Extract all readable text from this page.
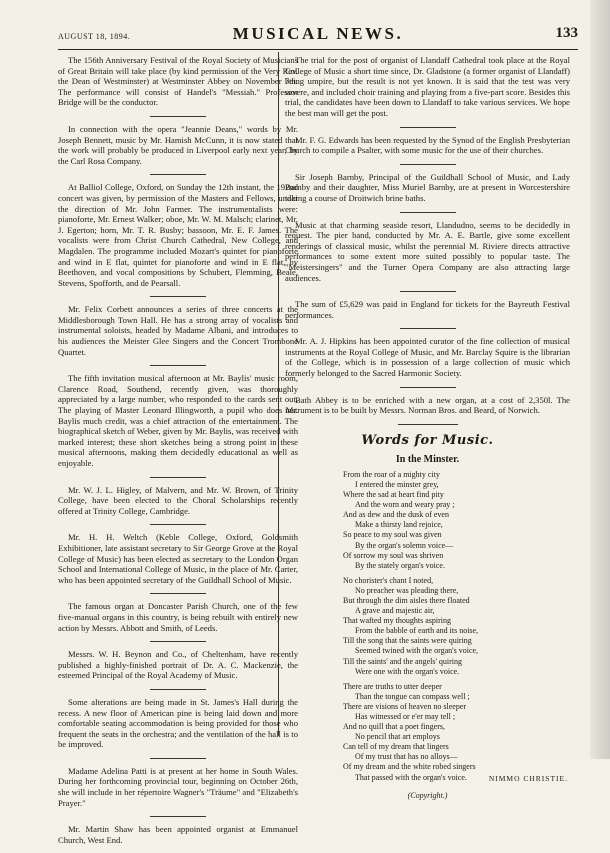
AUGUST 18, 1894.	MUSICAL NEWS.	133

The 156th Anniversary Festival of the Royal Society of Musicians of Great Britain will take place (by kind permission of the Very Rev. the Dean of Westminster) at Westminster Abbey on November 7th. The performance will consist of Handel's "Messiah." Professor Bridge will be the conductor.

In connection with the opera "Jeannie Deans," words by Mr. Joseph Bennett, music by Mr. Hamish McCunn, it is now stated that the work will probably be produced in Liverpool early next year, by the Carl Rosa Company.

At Balliol College, Oxford, on Sunday the 12th instant, the 192nd concert was given, by permission of the Masters and Fellows, under the direction of Mr. John Farmer. The instrumentalists were: pianoforte, Mr. Ernest Walker; oboe, Mr. W. M. Malsch; clarinet, Mr. J. Egerton; horn, Mr. T. R. Busby; bassoon, Mr. E. F. James. The vocalists were from Christ Church Cathedral, New College, and Magdalen. The programme included Mozart's quintet for pianoforte and wind in E flat, quintet for pianoforte and wind in E flat, by Beethoven, and vocal compositions by Schubert, Flemming, Beale, Stevens, Spofforth, and de Pearsall.

Mr. Felix Corbett announces a series of three concerts at the Middlesborough Town Hall. He has a strong array of vocalists and instrumental soloists, headed by Madame Albani, and introduces to his audiences the Meister Glee Singers and the Concert Trombone Quartet.

The fifth invitation musical afternoon at Mr. Baylis' music room, Clarence Road, Southend, recently given, was thoroughly appreciated by a large number, who responded to the cards sent out. The playing of Master Leonard Illingworth, a pupil who does Mr. Baylis much credit, was a chief attraction of the entertainment. The biographical sketch of Weber, given by Mr. Baylis, was received with marked interest; these short sketches being a strong point in these musical afternoons, making them decidedly educational as well as enjoyable.

Mr. W. J. L. Higley, of Malvern, and Mr. W. Brown, of Trinity College, have been elected to the Choral Scholarships recently offered at Trinity College, Cambridge.

Mr. H. H. Weltch (Keble College, Oxford, Goldsmith Exhibitioner, late assistant secretary to Sir George Grove at the Royal College of Music) has been elected as secretary to the London Organ School and International College of Music, in the place of Mr. Carter, who has been appointed secretary of the Guildhall School of Music.

The famous organ at Doncaster Parish Church, one of the few five-manual organs in this country, is being rebuilt with entirely new action by Messrs. Abbott and Smith, of Leeds.

Messrs. W. H. Beynon and Co., of Cheltenham, have recently published a highly-finished portrait of Dr. A. C. Mackenzie, the esteemed Principal of the Royal Academy of Music.

Some alterations are being made in St. James's Hall during the recess. A new floor of American pine is being laid down and more comfortable seating accommodation is being provided for those who frequent the seats in the orchestra; and the ventilation of the hall is to be improved.

Madame Adelina Patti is at present at her home in South Wales. During her forthcoming provincial tour, beginning on October 26th, she will include in her répertoire Wagner's "Träume" and "Elizabeth's Prayer."

Mr. Martin Shaw has been appointed organist at Emmanuel Church, West End.

The trial for the post of organist of Llandaff Cathedral took place at the Royal College of Music a short time since, Dr. Gladstone (a former organist of Llandaff) being umpire, but the result is not yet known. It is said that the test was very severe, and included choir training and playing from a five-part score. Besides this trial, the candidates have been down to Llandaff to take various services. We hope the best man will get the post.

Mr. F. G. Edwards has been requested by the Synod of the English Presbyterian Church to compile a Psalter, with some music for the use of their churches.

Sir Joseph Barnby, Principal of the Guildhall School of Music, and Lady Barnby and their daughter, Miss Muriel Barnby, are at present in Worcestershire taking a course of Droitwich brine baths.

Music at that charming seaside resort, Llandudno, seems to be decidedly in request. The pier band, conducted by Mr. A. E. Bartle, give some excellent renderings of classical music, whilst the perennial M. Riviere directs attractive performances to some extent more suited possibly to popular taste. The "Meistersingers" and the Turner Opera Company are also attracting large audiences.

The sum of £5,629 was paid in England for tickets for the Bayreuth Festival performances.

Mr. A. J. Hipkins has been appointed curator of the fine collection of musical instruments at the Royal College of Music, and Mr. Barclay Squire is the librarian of the College, which is in possession of a large collection of music which formerly belonged to the Sacred Harmonic Society.

Bath Abbey is to be enriched with a new organ, at a cost of 2,350l. The instrument is to be built by Messrs. Norman Bros. and Beard, of Norwich.

Words for Music.
In the Minster.
From the roar of a mighty city
I entered the minster grey,
Where the sad at heart find pity
And the worn and weary pray ;
And as dew and the dusk of even
Make a thirsty land rejoice,
So peace to my soul was given
By the organ's solemn voice—
Of sorrow my soul was shriven
By the stately organ's voice.
No chorister's chant I noted,
No preacher was pleading there,
But through the dim aisles there floated
A grave and majestic air,
That wafted my thoughts aspiring
From the babble of earth and its noise,
Till the song that the saints were quiring
Seemed twined with the organ's voice,
Till the saints' and the angels' quiring
Were one with the organ's voice.
There are truths to utter deeper
Than the tongue can compass well ;
There are visions of heaven no sleeper
Has witnessed or e'er may tell ;
And no quill that a poet fingers,
No pencil that art employs
Can tell of my dream that lingers
Of my trust that has no alloys—
Of my dream and the white robed singers
That passed with the organ's voice.	NIMMO CHRISTIE.
(Copyright.)
